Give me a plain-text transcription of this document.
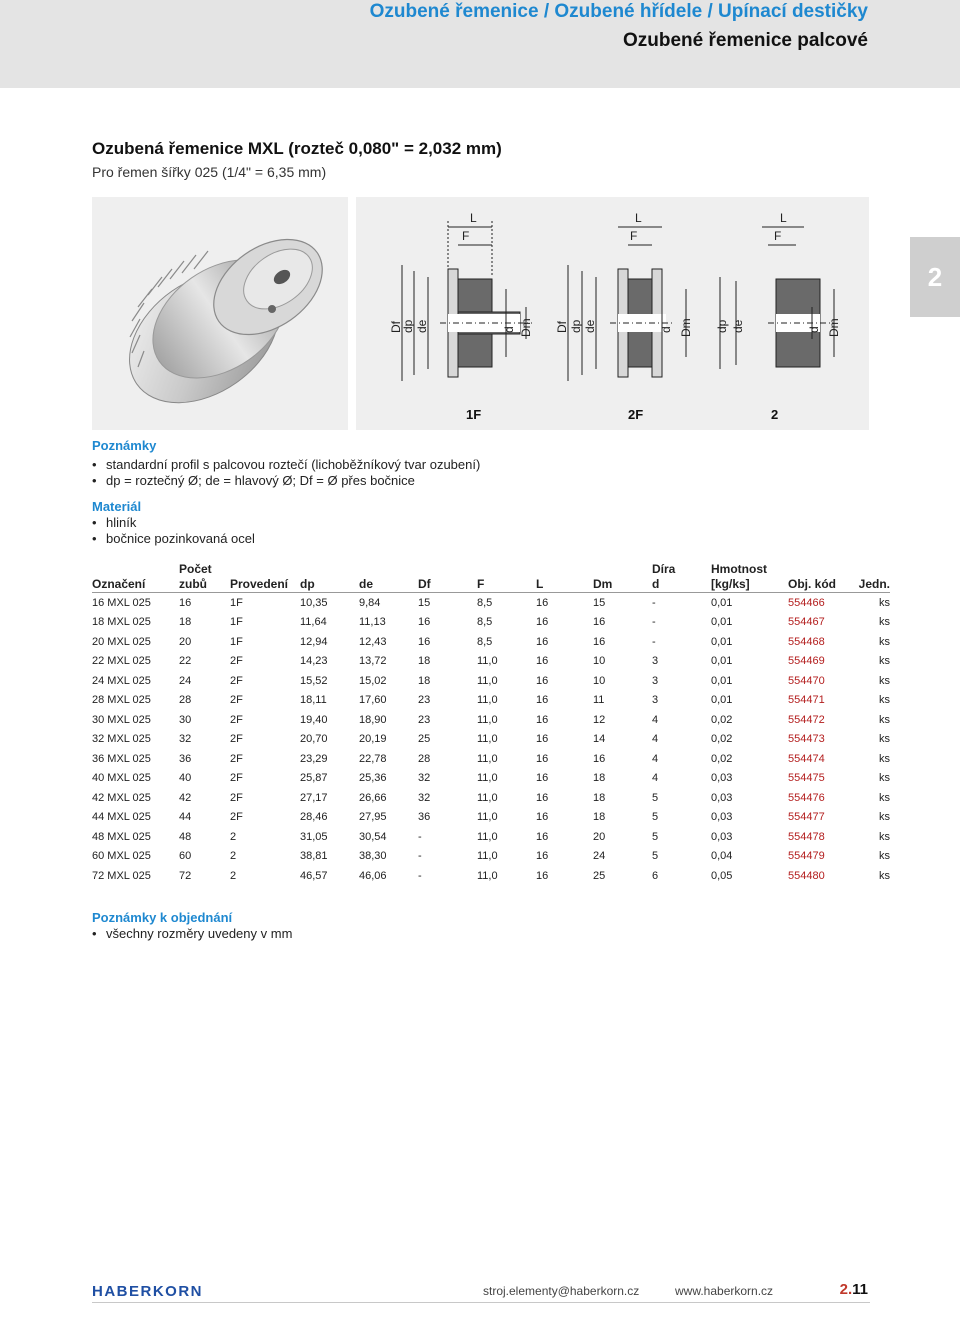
Ozubené řemenice / Ozubené hřídele / Upínací destičky
Ozubené řemenice palcové
2
Ozubená řemenice MXL (rozteč 0,080" = 2,032 mm)
Pro řemen šířky 025 (1/4" = 6,35 mm)
L
F
L
F
L
F
Df
dp de	d Dm Df dp de	d Dm dp de	d Dm
1F	2F	2
Poznámky
• standardní profil s palcovou roztečí (lichoběžníkový tvar ozubení)
• dp = roztečný Ø; de = hlavový Ø; Df = Ø přes bočnice
Materiál
• hliník
• bočnice pozinkovaná ocel
Označení	Počet
zubů	Provedení	dp	de	Df	F	L	Dm	Díra
d	Hmotnost
[kg/ks]	Obj. kód	Jedn.
16 MXL 025	16	1F	10,35	9,84	15	8,5	16	15	-	0,01	554466	ks
18 MXL 025	18	1F	11,64	11,13	16	8,5	16	16	-	0,01	554467	ks
20 MXL 025	20	1F	12,94	12,43	16	8,5	16	16	-	0,01	554468	ks
22 MXL 025	22	2F	14,23	13,72	18	11,0	16	10	3	0,01	554469	ks
24 MXL 025	24	2F	15,52	15,02	18	11,0	16	10	3	0,01	554470	ks
28 MXL 025	28	2F	18,11	17,60	23	11,0	16	11	3	0,01	554471	ks
30 MXL 025	30	2F	19,40	18,90	23	11,0	16	12	4	0,02	554472	ks
32 MXL 025	32	2F	20,70	20,19	25	11,0	16	14	4	0,02	554473	ks
36 MXL 025	36	2F	23,29	22,78	28	11,0	16	16	4	0,02	554474	ks
40 MXL 025	40	2F	25,87	25,36	32	11,0	16	18	4	0,03	554475	ks
42 MXL 025	42	2F	27,17	26,66	32	11,0	16	18	5	0,03	554476	ks
44 MXL 025	44	2F	28,46	27,95	36	11,0	16	18	5	0,03	554477	ks
48 MXL 025	48	2	31,05	30,54	-	11,0	16	20	5	0,03	554478	ks
60 MXL 025	60	2	38,81	38,30	-	11,0	16	24	5	0,04	554479	ks
72 MXL 025	72	2	46,57	46,06	-	11,0	16	25	6	0,05	554480	ks
Poznámky k objednání
• všechny rozměry uvedeny v mm
HABERKORN	stroj.elementy@haberkorn.cz	www.haberkorn.cz	2.11
